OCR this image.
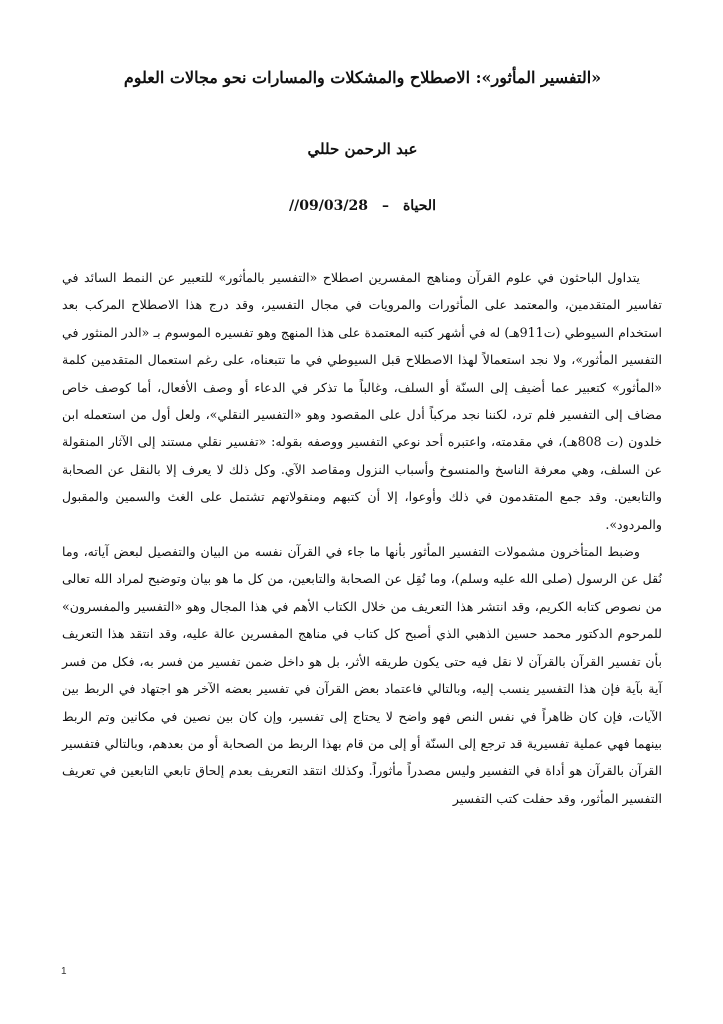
«التفسير المأثور»: الاصطلاح والمشكلات والمسارات نحو مجالات العلوم
عبد الرحمن حللي
الحياة–//09/03/28

يتداول الباحثون في علوم القرآن ومناهج المفسرين اصطلاح «التفسير بالمأثور» للتعبير عن النمط السائد في تفاسير المتقدمين، والمعتمد على المأثورات والمرويات في مجال التفسير، وقد درج هذا الاصطلاح المركب بعد استخدام السيوطي (ت911هـ) له في أشهر كتبه المعتمدة على هذا المنهج وهو تفسيره الموسوم بـ «الدر المنثور في التفسير المأثور»، ولا نجد استعمالاً لهذا الاصطلاح قبل السيوطي في ما تتبعناه، على رغم استعمال المتقدمين كلمة «المأثور» كتعبير عما أضيف إلى السنّة أو السلف، وغالباً ما تذكر في الدعاء أو وصف الأفعال، أما كوصف خاص مضاف إلى التفسير فلم ترد، لكننا نجد مركباً أدل على المقصود وهو «التفسير النقلي»، ولعل أول من استعمله ابن خلدون (ت 808هـ)، في مقدمته، واعتبره أحد نوعي التفسير ووصفه بقوله: «تفسير نقلي مستند إلى الآثار المنقولة عن السلف، وهي معرفة الناسخ والمنسوخ وأسباب النزول ومقاصد الآي. وكل ذلك لا يعرف إلا بالنقل عن الصحابة والتابعين. وقد جمع المتقدمون في ذلك وأوعوا، إلا أن كتبهم ومنقولاتهم تشتمل على الغث والسمين والمقبول والمردود».

وضبط المتأخرون مشمولات التفسير المأثور بأنها ما جاء في القرآن نفسه من البيان والتفصيل لبعض آياته، وما نُقل عن الرسول (صلى الله عليه وسلم)، وما نُقِل عن الصحابة والتابعين، من كل ما هو بيان وتوضيح لمراد الله تعالى من نصوص كتابه الكريم، وقد انتشر هذا التعريف من خلال الكتاب الأهم في هذا المجال وهو «التفسير والمفسرون» للمرحوم الدكتور محمد حسين الذهبي الذي أصبح كل كتاب في مناهج المفسرين عالة عليه، وقد انتقد هذا التعريف بأن تفسير القرآن بالقرآن لا نقل فيه حتى يكون طريقه الأثر، بل هو داخل ضمن تفسير من فسر به، فكل من فسر آية بآية فإن هذا التفسير ينسب إليه، وبالتالي فاعتماد بعض القرآن في تفسير بعضه الآخر هو اجتهاد في الربط بين الآيات، فإن كان ظاهراً في نفس النص فهو واضح لا يحتاج إلى تفسير، وإن كان بين نصين في مكانين وتم الربط بينهما فهي عملية تفسيرية قد ترجع إلى السنّة أو إلى من قام بهذا الربط من الصحابة أو من بعدهم، وبالتالي فتفسير القرآن بالقرآن هو أداة في التفسير وليس مصدراً مأثوراً. وكذلك انتقد التعريف بعدم إلحاق تابعي التابعين في تعريف التفسير المأثور، وقد حفلت كتب التفسير

1
